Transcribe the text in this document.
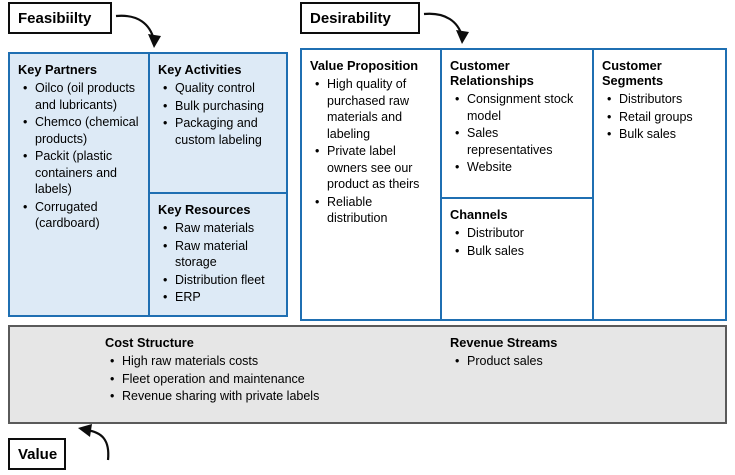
Feasibiilty	Desirability
Value
Key Partners
• Oilco (oil products and lubricants)
• Chemco (chemical products)
• Packit (plastic containers and labels)
• Corrugated (cardboard)
Key Activities
• Quality control
• Bulk purchasing
• Packaging and custom labeling
Key Resources
• Raw materials
• Raw material storage
• Distribution fleet
• ERP
Value Proposition
• High quality of purchased raw materials and labeling
• Private label owners see our product as theirs
• Reliable distribution
Customer Relationships
• Consignment stock model
• Sales representatives
• Website
Channels
• Distributor
• Bulk sales
Customer Segments
• Distributors
• Retail groups
• Bulk sales
Cost Structure
• High raw materials costs
• Fleet operation and maintenance
• Revenue sharing with private labels
Revenue Streams
• Product sales
